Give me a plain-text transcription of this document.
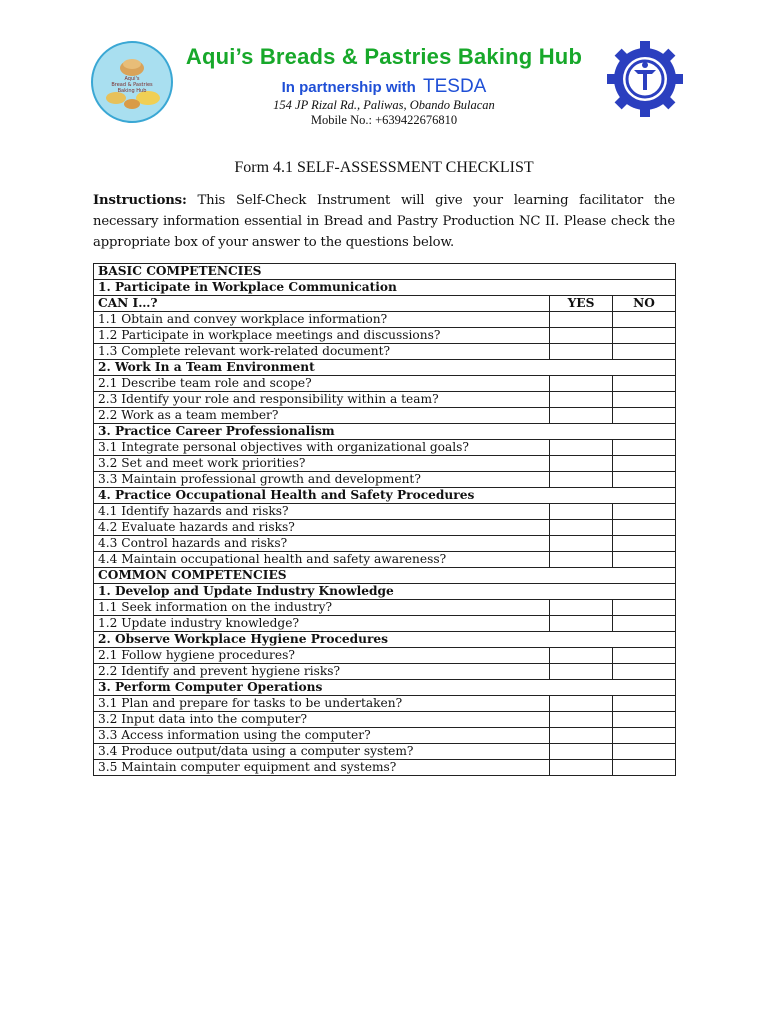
Aqui's
Bread & Pastries
Baking Hub
Aqui’s Breads & Pastries Baking Hub
In partnership with TESDA
154 JP Rizal Rd., Paliwas, Obando Bulacan
Mobile No.: +639422676810
Form 4.1 SELF-ASSESSMENT CHECKLIST
Instructions: This Self-Check Instrument will give your learning facilitator the necessary information essential in Bread and Pastry Production NC II. Please check the appropriate box of your answer to the questions below.
BASIC COMPETENCIES		
1. Participate in Workplace Communication		
CAN I…?	YES	NO
1.1 Obtain and convey workplace information?		
1.2 Participate in workplace meetings and discussions?		
1.3 Complete relevant work-related document?		
2. Work In a Team Environment		
2.1 Describe team role and scope?		
2.3 Identify your role and responsibility within a team?		
2.2 Work as a team member?		
3. Practice Career Professionalism		
3.1 Integrate personal objectives with organizational goals?		
3.2 Set and meet work priorities?		
3.3 Maintain professional growth and development?		
4. Practice Occupational Health and Safety Procedures		
4.1 Identify hazards and risks?		
4.2 Evaluate hazards and risks?		
4.3 Control hazards and risks?		
4.4 Maintain occupational health and safety awareness?		
COMMON COMPETENCIES		
1. Develop and Update Industry Knowledge		
1.1 Seek information on the industry?		
1.2 Update industry knowledge?		
2. Observe Workplace Hygiene Procedures		
2.1 Follow hygiene procedures?		
2.2 Identify and prevent hygiene risks?		
3. Perform Computer Operations		
3.1 Plan and prepare for tasks to be undertaken?		
3.2 Input data into the computer?		
3.3 Access information using the computer?		
3.4 Produce output/data using a computer system?		
3.5 Maintain computer equipment and systems?		
